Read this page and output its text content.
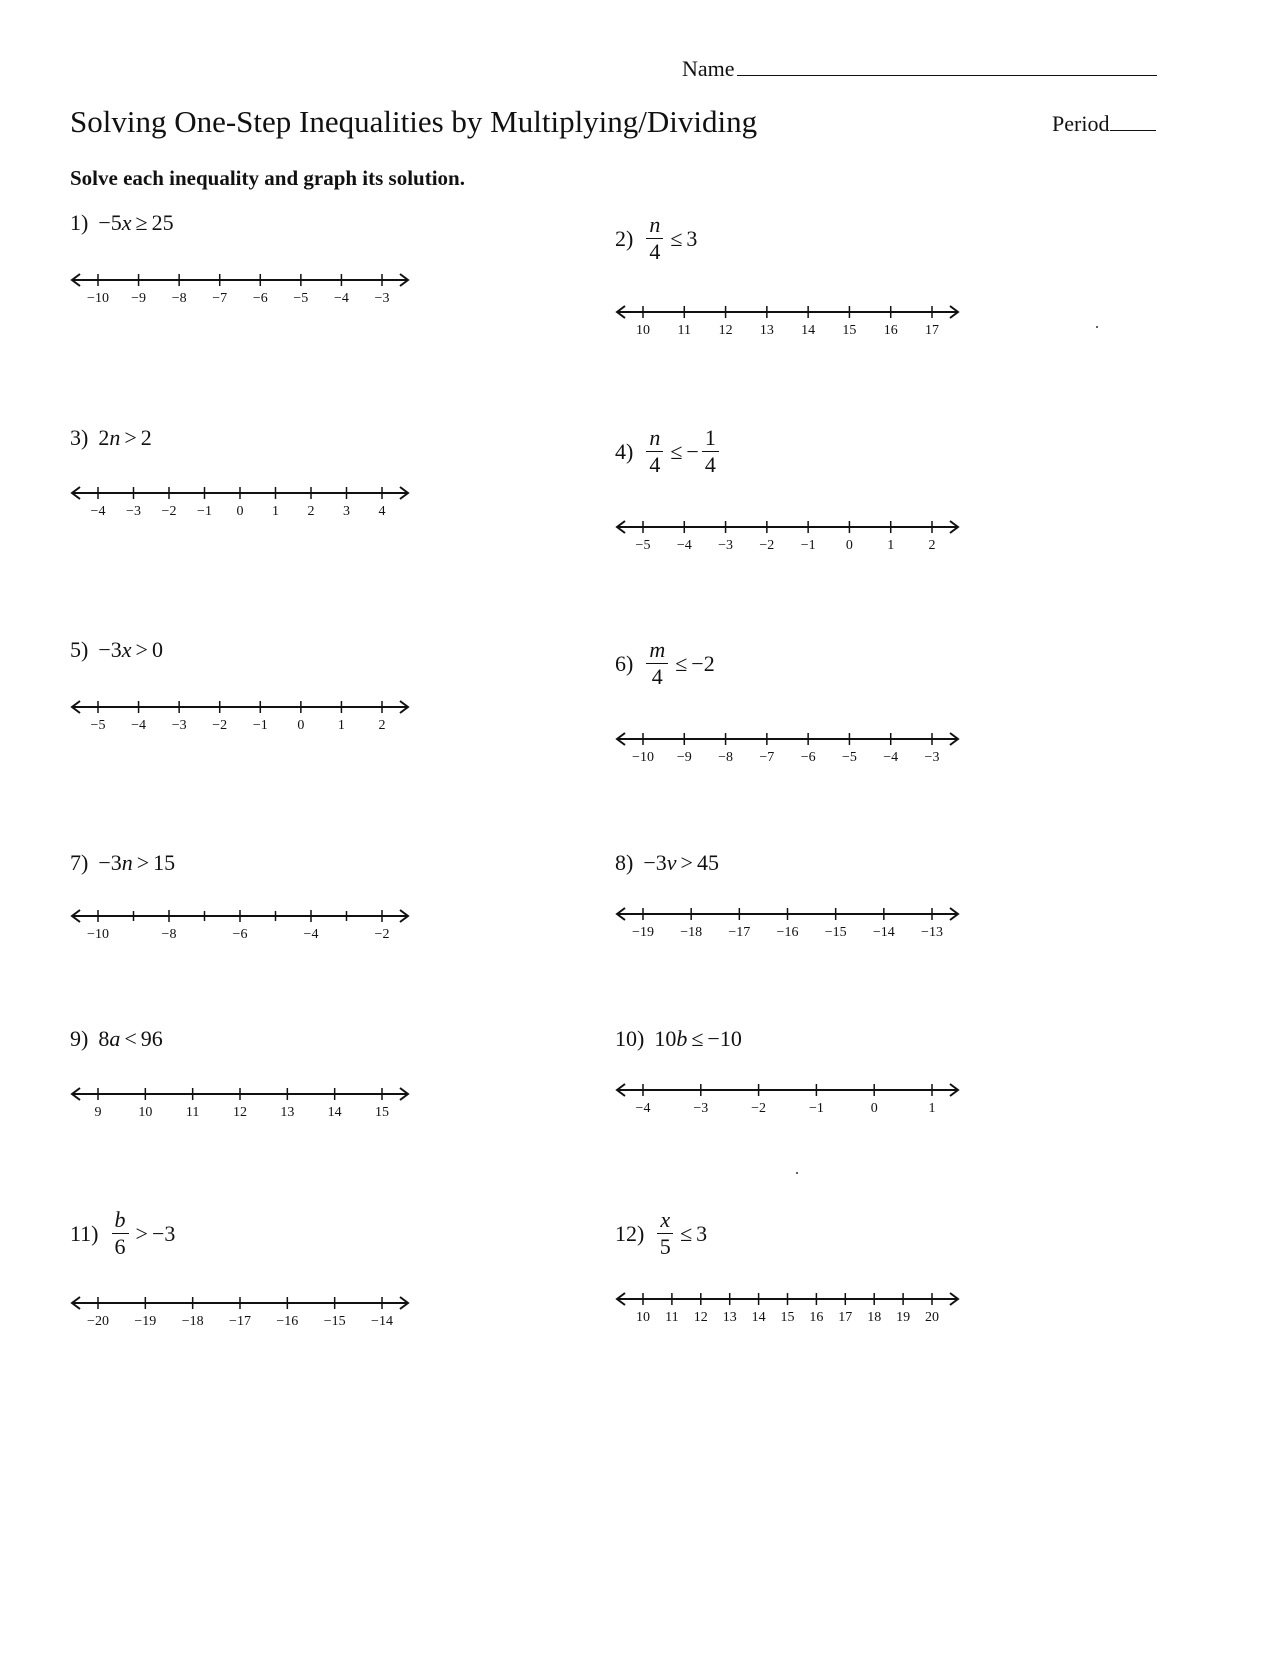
Name
Solving One-Step Inequalities by Multiplying/Dividing	Period
Solve each inequality and graph its solution.
1) −5 x ≥ 25
−10 −9 −8 −7 −6 −5 −4 −3
$2) \frac{n}{4} \le 3$
10 11 12 13 14 15 16 17
3) 2 n > 2
−4 −3 −2 −1 0 1 2 3 4
$4) \frac{n}{4}$ ≤ − $\frac{1}{4}$
−5 −4 −3 −2 −1 0 1 2
5) −3 x > 0
−5 −4 −3 −2 −1 0 1 2
$6) \frac{m}{4} \le -2$
−10 −9 −8 −7 −6 −5 −4 −3
7) −3 n > 15
−10	−8	−6	−4	−2
8) −3 v > 45
−19 −18 −17 −16 −15 −14 −13
9) 8 a < 96
9	10 11 12 13 14 15
10) 10 b ≤ −10
−4	−3	−2	−1	0	1
$11) \frac{b}{6} > -3$
−20 −19 −18 −17 −16 −15 −14
$12) \frac{x}{5} \le 3$
10 11 12 13 14 15 16 17 18 19 20
